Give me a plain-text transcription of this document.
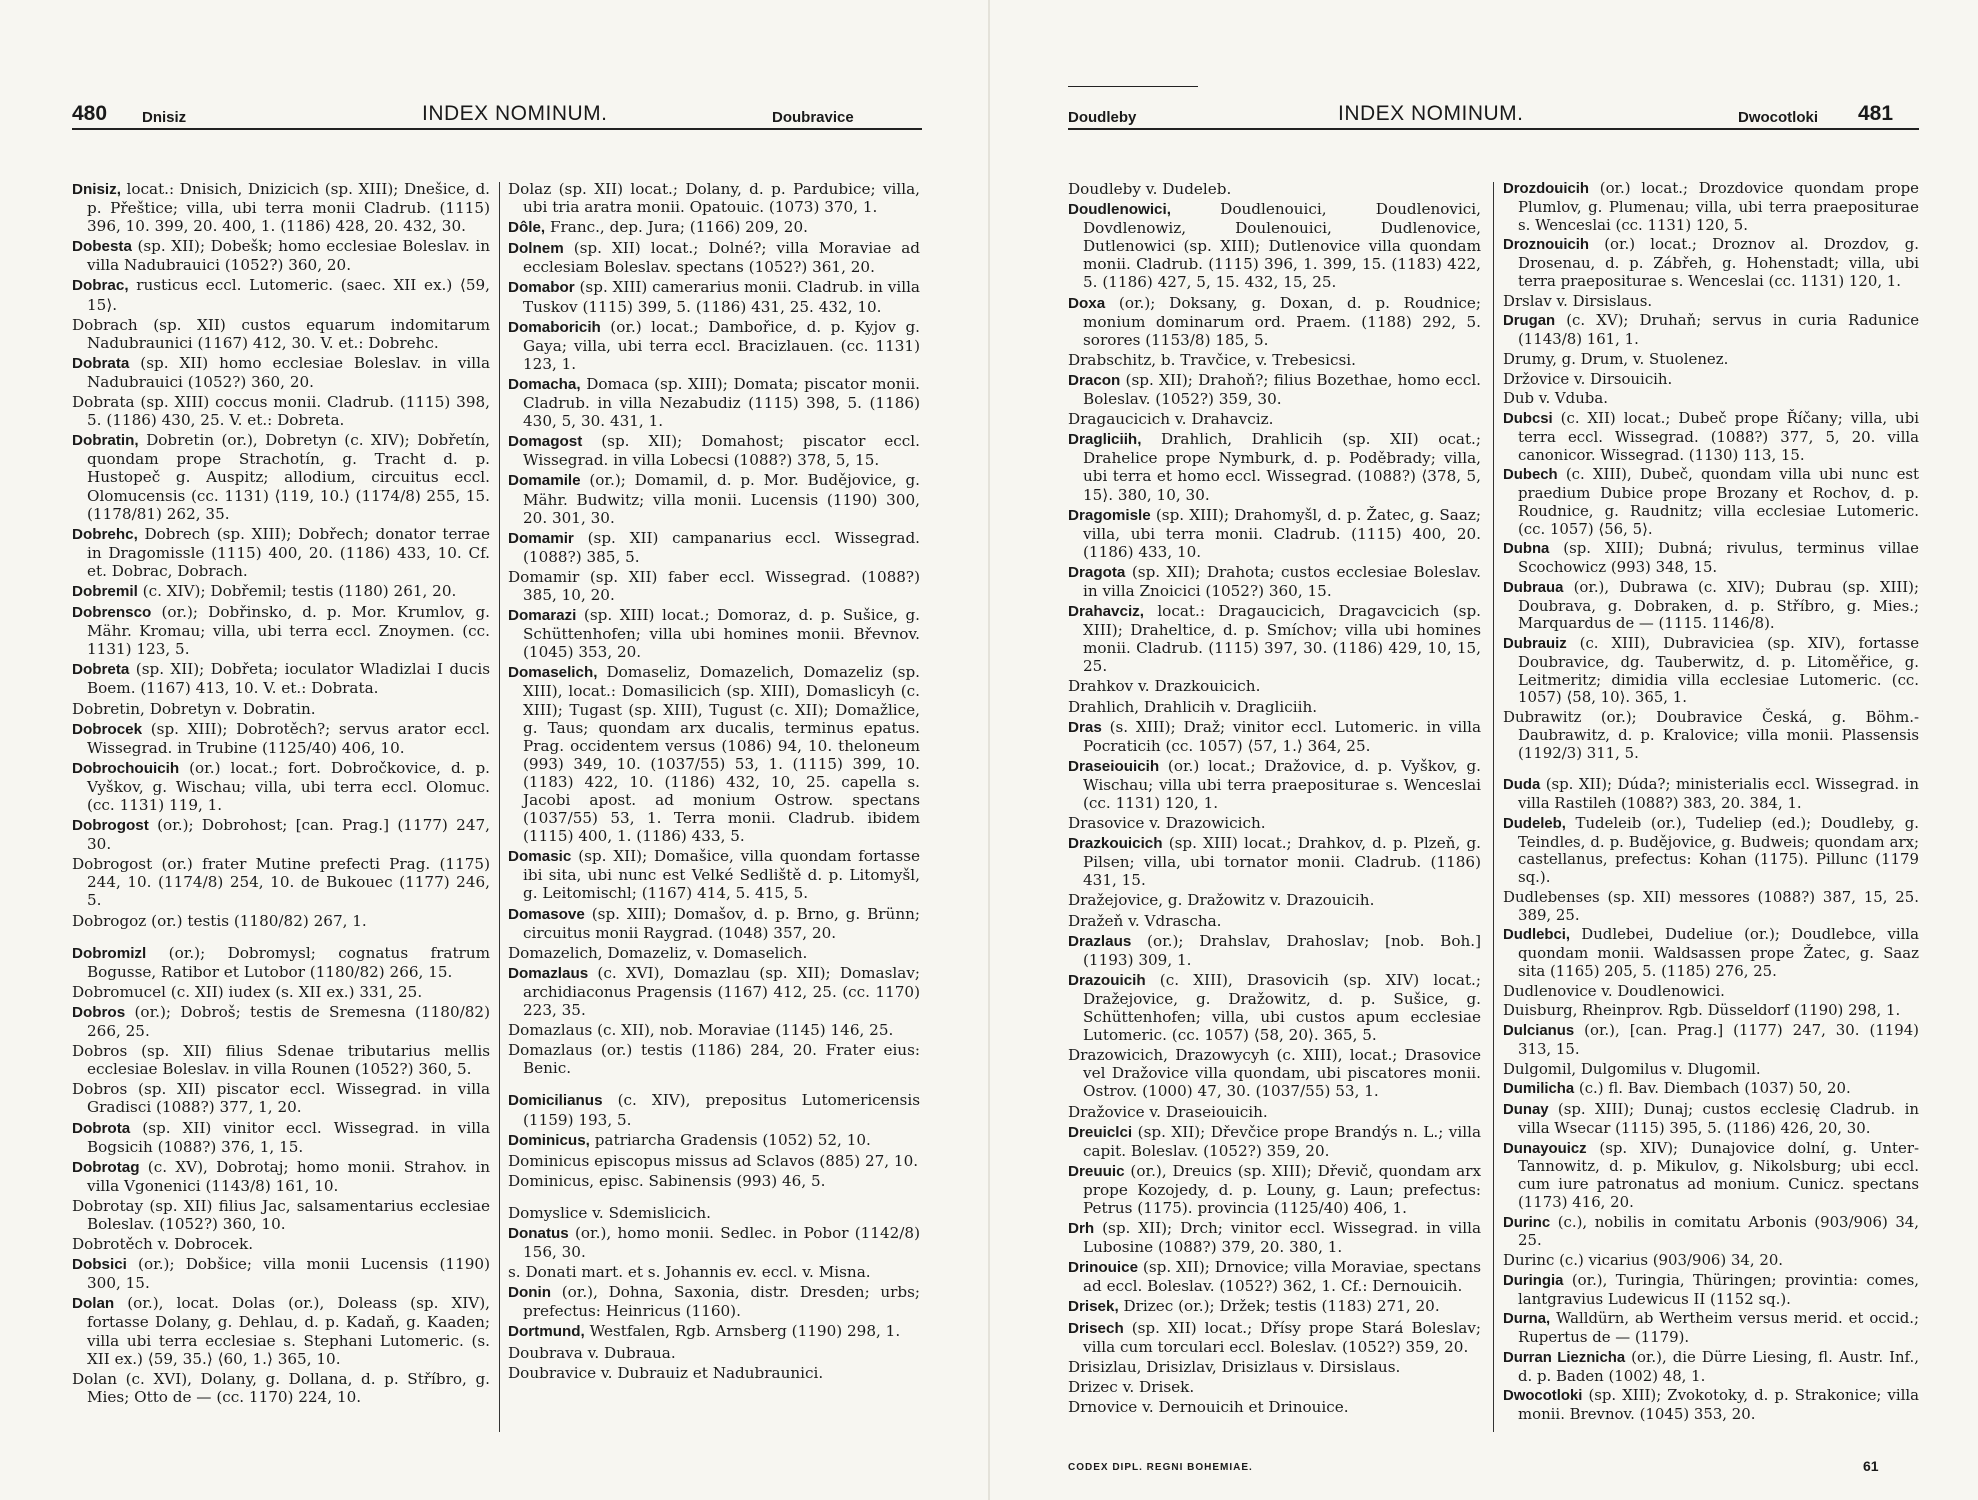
480	Dnisiz	INDEX NOMINUM.	Doubravice
Dnisiz, locat.: Dnisich, Dnizicich (sp. XIII); Dnešice, d. p. Přeštice; villa, ubi terra monii Cladrub. (1115) 396, 10. 399, 20. 400, 1. (1186) 428, 20. 432, 30.
Dobesta (sp. XII); Dobešk; homo ecclesiae Boleslav. in villa Nadubrauici (1052?) 360, 20.
Dobrac, rusticus eccl. Lutomeric. (saec. XII ex.) ⟨59, 15⟩.
Dobrach (sp. XII) custos equarum indomitarum Nadubraunici (1167) 412, 30. V. et.: Dobrehc.
Dobrata (sp. XII) homo ecclesiae Boleslav. in villa Nadubrauici (1052?) 360, 20.
Dobrata (sp. XIII) coccus monii. Cladrub. (1115) 398, 5. (1186) 430, 25. V. et.: Dobreta.
Dobratin, Dobretin (or.), Dobretyn (c. XIV); Dobřetín, quondam prope Strachotín, g. Tracht d. p. Hustopeč g. Auspitz; allodium, circuitus eccl. Olomucensis (cc. 1131) ⟨119, 10.⟩ (1174/8) 255, 15. (1178/81) 262, 35.
Dobrehc, Dobrech (sp. XIII); Dobřech; donator terrae in Dragomissle (1115) 400, 20. (1186) 433, 10. Cf. et. Dobrac, Dobrach.
Dobremil (c. XIV); Dobřemil; testis (1180) 261, 20.
Dobrensco (or.); Dobřinsko, d. p. Mor. Krumlov, g. Mähr. Kromau; villa, ubi terra eccl. Znoymen. (cc. 1131) 123, 5.
Dobreta (sp. XII); Dobřeta; ioculator Wladizlai I ducis Boem. (1167) 413, 10. V. et.: Dobrata.
Dobretin, Dobretyn v. Dobratin.
Dobrocek (sp. XIII); Dobrotěch?; servus arator eccl. Wissegrad. in Trubine (1125/40) 406, 10.
Dobrochouicih (or.) locat.; fort. Dobročkovice, d. p. Vyškov, g. Wischau; villa, ubi terra eccl. Olomuc. (cc. 1131) 119, 1.
Dobrogost (or.); Dobrohost; [can. Prag.] (1177) 247, 30.
Dobrogost (or.) frater Mutine prefecti Prag. (1175) 244, 10. (1174/8) 254, 10. de Bukouec (1177) 246, 5.
Dobrogoz (or.) testis (1180/82) 267, 1.
Dobromizl (or.); Dobromysl; cognatus fratrum Bogusse, Ratibor et Lutobor (1180/82) 266, 15.
Dobromucel (c. XII) iudex (s. XII ex.) 331, 25.
Dobros (or.); Dobroš; testis de Sremesna (1180/82) 266, 25.
Dobros (sp. XII) filius Sdenae tributarius mellis ecclesiae Boleslav. in villa Rounen (1052?) 360, 5.
Dobros (sp. XII) piscator eccl. Wissegrad. in villa Gradisci (1088?) 377, 1, 20.
Dobrota (sp. XII) vinitor eccl. Wissegrad. in villa Bogsicih (1088?) 376, 1, 15.
Dobrotag (c. XV), Dobrotaj; homo monii. Strahov. in villa Vgonenici (1143/8) 161, 10.
Dobrotay (sp. XII) filius Jac, salsamentarius ecclesiae Boleslav. (1052?) 360, 10.
Dobrotěch v. Dobrocek.
Dobsici (or.); Dobšice; villa monii Lucensis (1190) 300, 15.
Dolan (or.), locat. Dolas (or.), Doleass (sp. XIV), fortasse Dolany, g. Dehlau, d. p. Kadaň, g. Kaaden; villa ubi terra ecclesiae s. Stephani Lutomeric. (s. XII ex.) ⟨59, 35.⟩ ⟨60, 1.⟩ 365, 10.
Dolan (c. XVI), Dolany, g. Dollana, d. p. Stříbro, g. Mies; Otto de — (cc. 1170) 224, 10.
Dolaz (sp. XII) locat.; Dolany, d. p. Pardubice; villa, ubi tria aratra monii. Opatouic. (1073) 370, 1.
Dôle, Franc., dep. Jura; (1166) 209, 20.
Dolnem (sp. XII) locat.; Dolné?; villa Moraviae ad ecclesiam Boleslav. spectans (1052?) 361, 20.
Domabor (sp. XIII) camerarius monii. Cladrub. in villa Tuskov (1115) 399, 5. (1186) 431, 25. 432, 10.
Domaboricih (or.) locat.; Dambořice, d. p. Kyjov g. Gaya; villa, ubi terra eccl. Bracizlauen. (cc. 1131) 123, 1.
Domacha, Domaca (sp. XIII); Domata; piscator monii. Cladrub. in villa Nezabudiz (1115) 398, 5. (1186) 430, 5, 30. 431, 1.
Domagost (sp. XII); Domahost; piscator eccl. Wissegrad. in villa Lobecsi (1088?) 378, 5, 15.
Domamile (or.); Domamil, d. p. Mor. Budějovice, g. Mähr. Budwitz; villa monii. Lucensis (1190) 300, 20. 301, 30.
Domamir (sp. XII) campanarius eccl. Wissegrad. (1088?) 385, 5.
Domamir (sp. XII) faber eccl. Wissegrad. (1088?) 385, 10, 20.
Domarazi (sp. XIII) locat.; Domoraz, d. p. Sušice, g. Schüttenhofen; villa ubi homines monii. Břevnov. (1045) 353, 20.
Domaselich, Domaseliz, Domazelich, Domazeliz (sp. XIII), locat.: Domasilicich (sp. XIII), Domaslicyh (c. XIII); Tugast (sp. XIII), Tugust (c. XII); Domažlice, g. Taus; quondam arx ducalis, terminus epatus. Prag. occidentem versus (1086) 94, 10. theloneum (993) 349, 10. (1037/55) 53, 1. (1115) 399, 10. (1183) 422, 10. (1186) 432, 10, 25. capella s. Jacobi apost. ad monium Ostrow. spectans (1037/55) 53, 1. Terra monii. Cladrub. ibidem (1115) 400, 1. (1186) 433, 5.
Domasic (sp. XII); Domašice, villa quondam fortasse ibi sita, ubi nunc est Velké Sedliště d. p. Litomyšl, g. Leitomischl; (1167) 414, 5. 415, 5.
Domasove (sp. XIII); Domašov, d. p. Brno, g. Brünn; circuitus monii Raygrad. (1048) 357, 20.
Domazelich, Domazeliz, v. Domaselich.
Domazlaus (c. XVI), Domazlau (sp. XII); Domaslav; archidiaconus Pragensis (1167) 412, 25. (cc. 1170) 223, 35.
Domazlaus (c. XII), nob. Moraviae (1145) 146, 25.
Domazlaus (or.) testis (1186) 284, 20. Frater eius: Benic.
Domicilianus (c. XIV), prepositus Lutomericensis (1159) 193, 5.
Dominicus, patriarcha Gradensis (1052) 52, 10.
Dominicus episcopus missus ad Sclavos (885) 27, 10.
Dominicus, episc. Sabinensis (993) 46, 5.
Domyslice v. Sdemislicich.
Donatus (or.), homo monii. Sedlec. in Pobor (1142/8) 156, 30.
s. Donati mart. et s. Johannis ev. eccl. v. Misna.
Donin (or.), Dohna, Saxonia, distr. Dresden; urbs; prefectus: Heinricus (1160).
Dortmund, Westfalen, Rgb. Arnsberg (1190) 298, 1.
Doubrava v. Dubraua.
Doubravice v. Dubrauiz et Nadubraunici.
Doudleby	INDEX NOMINUM.	Dwocotloki	481
Doudleby v. Dudeleb.
Doudlenowici,	Doudlenouici, Doudlenovici, Dovdlenowiz, Doulenouici, Dudlenovice, Dutlenowici (sp. XIII); Dutlenovice villa quondam monii. Cladrub. (1115) 396, 1. 399, 15. (1183) 422, 5. (1186) 427, 5, 15. 432, 15, 25.
Doxa (or.); Doksany, g. Doxan, d. p. Roudnice; monium dominarum ord. Praem. (1188) 292, 5. sorores (1153/8) 185, 5.
Drabschitz, b. Travčice, v. Trebesicsi.
Dracon (sp. XII); Drahoň?; filius Bozethae, homo eccl. Boleslav. (1052?) 359, 30.
Dragaucicich v. Drahavciz.
Dragliciih, Drahlich, Drahlicih (sp. XII) ocat.; Drahelice prope Nymburk, d. p. Poděbrady; villa, ubi terra et homo eccl. Wissegrad. (1088?) ⟨378, 5, 15⟩. 380, 10, 30.
Dragomisle (sp. XIII); Drahomyšl, d. p. Žatec, g. Saaz; villa, ubi terra monii. Cladrub. (1115) 400, 20. (1186) 433, 10.
Dragota (sp. XII); Drahota; custos ecclesiae Boleslav. in villa Znoicici (1052?) 360, 15.
Drahavciz, locat.: Dragaucicich, Dragavcicich (sp. XIII); Draheltice, d. p. Smíchov; villa ubi homines monii. Cladrub. (1115) 397, 30. (1186) 429, 10, 15, 25.
Drahkov v. Drazkouicich.
Drahlich, Drahlicih v. Dragliciih.
Dras (s. XIII); Draž; vinitor eccl. Lutomeric. in villa Pocraticih (cc. 1057) ⟨57, 1.⟩ 364, 25.
Draseiouicih (or.) locat.; Dražovice, d. p. Vyškov, g. Wischau; villa ubi terra praepositurae s. Wenceslai (cc. 1131) 120, 1.
Drasovice v. Drazowicich.
Drazkouicich (sp. XIII) locat.; Drahkov, d. p. Plzeň, g. Pilsen; villa, ubi tornator monii. Cladrub. (1186) 431, 15.
Dražejovice, g. Dražowitz v. Drazouicih.
Dražeň v. Vdrascha.
Drazlaus (or.); Drahslav, Drahoslav; [nob. Boh.] (1193) 309, 1.
Drazouicih (c. XIII), Drasovicih (sp. XIV) locat.; Dražejovice, g. Dražowitz, d. p. Sušice, g. Schüttenhofen; villa, ubi custos apum ecclesiae Lutomeric. (cc. 1057) ⟨58, 20⟩. 365, 5.
Drazowicich, Drazowycyh (c. XIII), locat.; Drasovice vel Dražovice villa quondam, ubi piscatores monii. Ostrov. (1000) 47, 30. (1037/55) 53, 1.
Dražovice v. Draseiouicih.
Dreuiclci (sp. XII); Dřevčice prope Brandýs n. L.; villa capit. Boleslav. (1052?) 359, 20.
Dreuuic (or.), Dreuics (sp. XIII); Dřevič, quondam arx prope Kozojedy, d. p. Louny, g. Laun; prefectus: Petrus (1175). provincia (1125/40) 406, 1.
Drh (sp. XII); Drch; vinitor eccl. Wissegrad. in villa Lubosine (1088?) 379, 20. 380, 1.
Drinouice (sp. XII); Drnovice; villa Moraviae, spectans ad eccl. Boleslav. (1052?) 362, 1. Cf.: Dernouicih.
Drisek, Drizec (or.); Držek; testis (1183) 271, 20.
Drisech (sp. XII) locat.; Dřísy prope Stará Boleslav; villa cum torculari eccl. Boleslav. (1052?) 359, 20.
Drisizlau, Drisizlav, Drisizlaus v. Dirsislaus.
Drizec v. Drisek.
Drnovice v. Dernouicih et Drinouice.
Drozdouicih (or.) locat.; Drozdovice quondam prope Plumlov, g. Plumenau; villa, ubi terra praepositurae s. Wenceslai (cc. 1131) 120, 5.
Droznouicih (or.) locat.; Droznov al. Drozdov, g. Drosenau, d. p. Zábřeh, g. Hohenstadt; villa, ubi terra praepositurae s. Wenceslai (cc. 1131) 120, 1.
Drslav v. Dirsislaus.
Drugan (c. XV); Druhaň; servus in curia Radunice (1143/8) 161, 1.
Drumy, g. Drum, v. Stuolenez.
Držovice v. Dirsouicih.
Dub v. Vduba.
Dubcsi (c. XII) locat.; Dubeč prope Říčany; villa, ubi terra eccl. Wissegrad. (1088?) 377, 5, 20. villa canonicor. Wissegrad. (1130) 113, 15.
Dubech (c. XIII), Dubeč, quondam villa ubi nunc est praedium Dubice prope Brozany et Rochov, d. p. Roudnice, g. Raudnitz; villa ecclesiae Lutomeric. (cc. 1057) ⟨56, 5⟩.
Dubna (sp. XIII); Dubná; rivulus, terminus villae Scochowicz (993) 348, 15.
Dubraua (or.), Dubrawa (c. XIV); Dubrau (sp. XIII); Doubrava, g. Dobraken, d. p. Stříbro, g. Mies.; Marquardus de — (1115. 1146/8).
Dubrauiz (c. XIII), Dubraviciea (sp. XIV), fortasse Doubravice, dg. Tauberwitz, d. p. Litoměřice, g. Leitmeritz; dimidia villa ecclesiae Lutomeric. (cc. 1057) ⟨58, 10⟩. 365, 1.
Dubrawitz (or.); Doubravice Česká, g. Böhm.-Daubrawitz, d. p. Kralovice; villa monii. Plassensis (1192/3) 311, 5.
Duda (sp. XII); Dúda?; ministerialis eccl. Wissegrad. in villa Rastileh (1088?) 383, 20. 384, 1.
Dudeleb, Tudeleib (or.), Tudeliep (ed.); Doudleby, g. Teindles, d. p. Budějovice, g. Budweis; quondam arx; castellanus, prefectus: Kohan (1175). Pillunc (1179 sq.).
Dudlebenses (sp. XII) messores (1088?) 387, 15, 25. 389, 25.
Dudlebci, Dudlebei, Dudeliue (or.); Doudlebce, villa quondam monii. Waldsassen prope Žatec, g. Saaz sita (1165) 205, 5. (1185) 276, 25.
Dudlenovice v. Doudlenowici.
Duisburg, Rheinprov. Rgb. Düsseldorf (1190) 298, 1.
Dulcianus (or.), [can. Prag.] (1177) 247, 30. (1194) 313, 15.
Dulgomil, Dulgomilus v. Dlugomil.
Dumilicha (c.) fl. Bav. Diembach (1037) 50, 20.
Dunay (sp. XIII); Dunaj; custos ecclesię Cladrub. in villa Wsecar (1115) 395, 5. (1186) 426, 20, 30.
Dunayouicz (sp. XIV); Dunajovice dolní, g. Unter-Tannowitz, d. p. Mikulov, g. Nikolsburg; ubi eccl. cum iure patronatus ad monium. Cunicz. spectans (1173) 416, 20.
Durinc (c.), nobilis in comitatu Arbonis (903/906) 34, 25.
Durinc (c.) vicarius (903/906) 34, 20.
Duringia (or.), Turingia, Thüringen; provintia: comes, lantgravius Ludewicus II (1152 sq.).
Durna, Walldürn, ab Wertheim versus merid. et occid.; Rupertus de — (1179).
Durran Lieznicha (or.), die Dürre Liesing, fl. Austr. Inf., d. p. Baden (1002) 48, 1.
Dwocotloki (sp. XIII); Zvokotoky, d. p. Strakonice; villa monii. Brevnov. (1045) 353, 20.
CODEX DIPL. REGNI BOHEMIAE.	61
